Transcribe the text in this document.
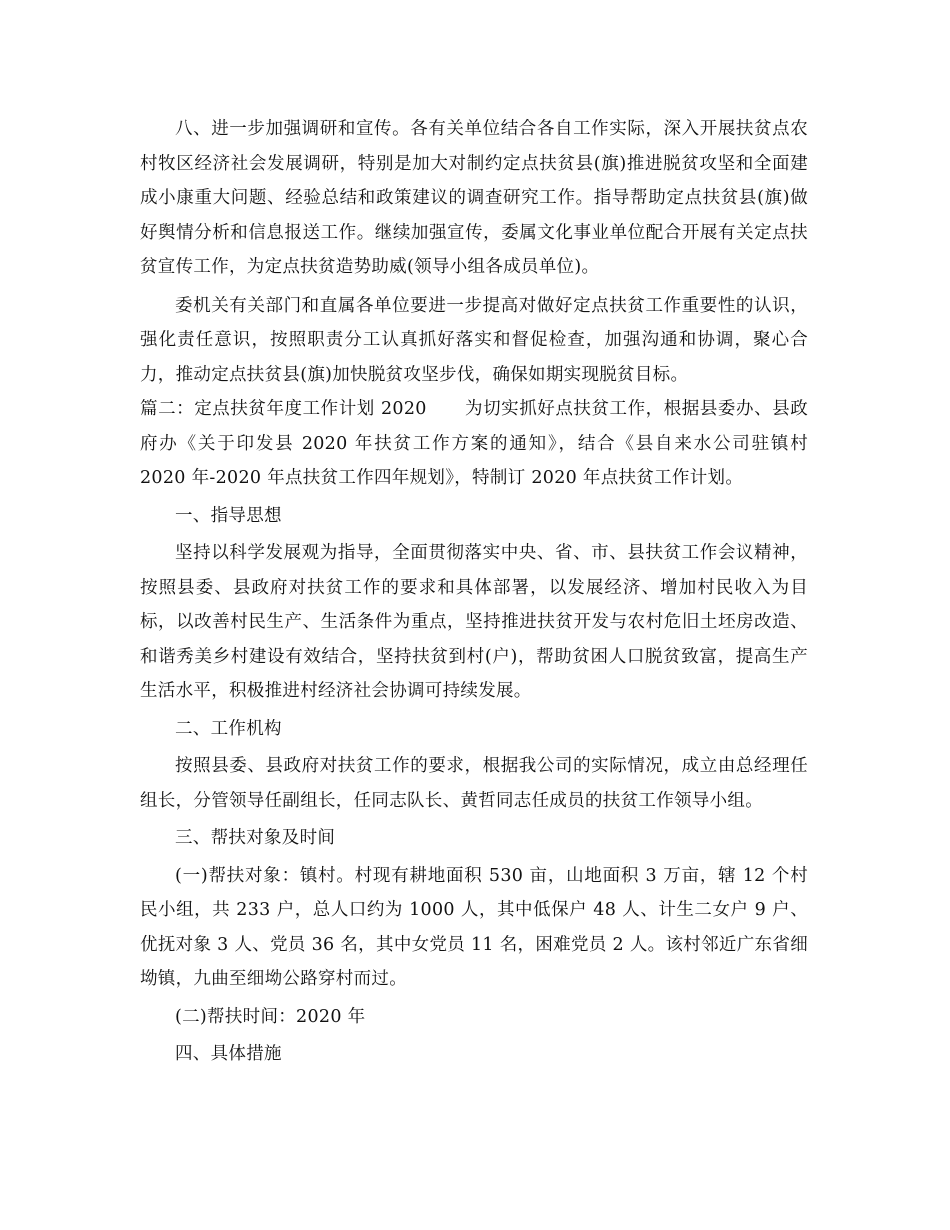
八、进一步加强调研和宣传。各有关单位结合各自工作实际，深入开展扶贫点农村牧区经济社会发展调研，特别是加大对制约定点扶贫县(旗)推进脱贫攻坚和全面建成小康重大问题、经验总结和政策建议的调查研究工作。指导帮助定点扶贫县(旗)做好舆情分析和信息报送工作。继续加强宣传，委属文化事业单位配合开展有关定点扶贫宣传工作，为定点扶贫造势助威(领导小组各成员单位)。

委机关有关部门和直属各单位要进一步提高对做好定点扶贫工作重要性的认识，强化责任意识，按照职责分工认真抓好落实和督促检查，加强沟通和协调，聚心合力，推动定点扶贫县(旗)加快脱贫攻坚步伐，确保如期实现脱贫目标。

篇二：定点扶贫年度工作计划 2020 为切实抓好点扶贫工作，根据县委办、县政府办《关于印发县 2020 年扶贫工作方案的通知》，结合《县自来水公司驻镇村 2020 年-2020 年点扶贫工作四年规划》，特制订 2020 年点扶贫工作计划。

一、指导思想

坚持以科学发展观为指导，全面贯彻落实中央、省、市、县扶贫工作会议精神，按照县委、县政府对扶贫工作的要求和具体部署，以发展经济、增加村民收入为目标，以改善村民生产、生活条件为重点，坚持推进扶贫开发与农村危旧土坯房改造、和谐秀美乡村建设有效结合，坚持扶贫到村(户)，帮助贫困人口脱贫致富，提高生产生活水平，积极推进村经济社会协调可持续发展。

二、工作机构

按照县委、县政府对扶贫工作的要求，根据我公司的实际情况，成立由总经理任组长，分管领导任副组长，任同志队长、黄哲同志任成员的扶贫工作领导小组。

三、帮扶对象及时间

(一)帮扶对象：镇村。村现有耕地面积 530 亩，山地面积 3 万亩，辖 12 个村民小组，共 233 户，总人口约为 1000 人，其中低保户 48 人、计生二女户 9 户、优抚对象 3 人、党员 36 名，其中女党员 11 名，困难党员 2 人。该村邻近广东省细坳镇，九曲至细坳公路穿村而过。

(二)帮扶时间：2020 年

四、具体措施
